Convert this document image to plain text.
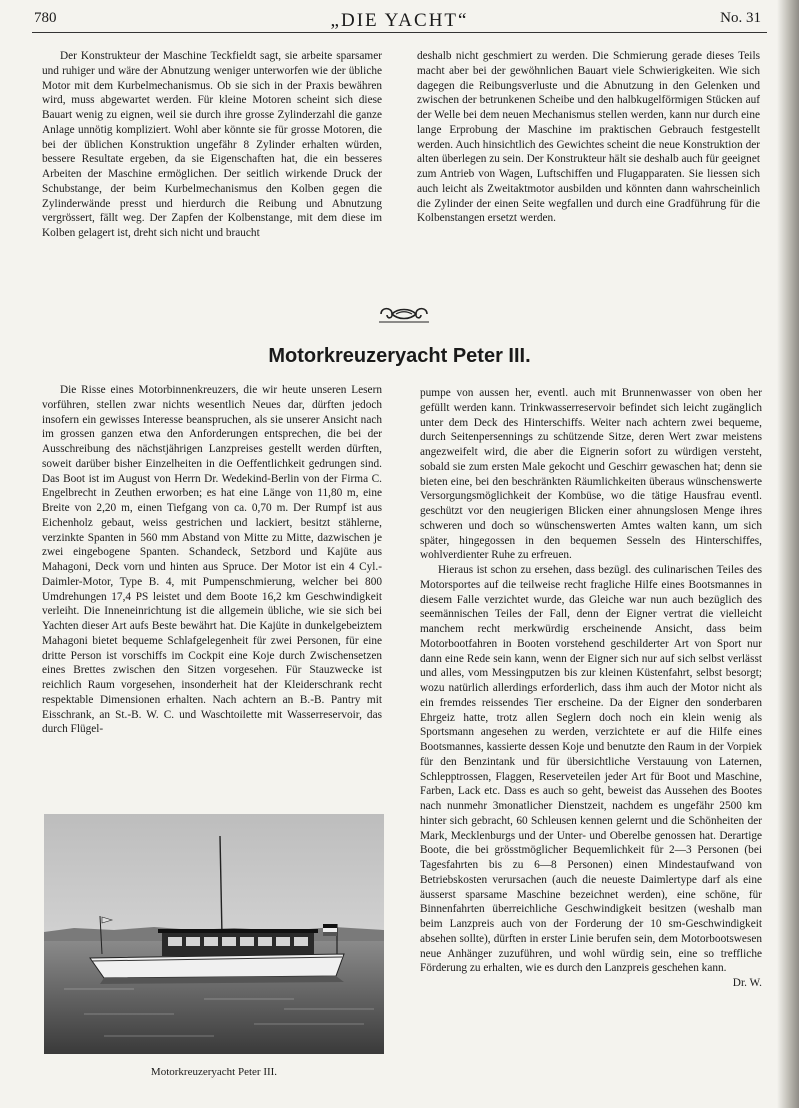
780	„DIE YACHT“	No. 31

Der Konstrukteur der Maschine Teckfieldt sagt, sie arbeite sparsamer und ruhiger und wäre der Abnutzung weniger unterworfen wie der übliche Motor mit dem Kurbelmechanismus. Ob sie sich in der Praxis bewähren wird, muss abgewartet werden. Für kleine Motoren scheint sich diese Bauart wenig zu eignen, weil sie durch ihre grosse Zylinderzahl die ganze Anlage unnötig kompliziert. Wohl aber könnte sie für grosse Motoren, die bei der üblichen Konstruktion ungefähr 8 Zylinder erhalten würden, bessere Resultate ergeben, da sie Eigenschaften hat, die ein besseres Arbeiten der Maschine ermöglichen. Der seitlich wirkende Druck der Schubstange, der beim Kurbelmechanismus den Kolben gegen die Zylinderwände presst und hierdurch die Reibung und Abnutzung vergrössert, fällt weg. Der Zapfen der Kolbenstange, mit dem diese im Kolben gelagert ist, dreht sich nicht und braucht

deshalb nicht geschmiert zu werden. Die Schmierung gerade dieses Teils macht aber bei der gewöhnlichen Bauart viele Schwierigkeiten. Wie sich dagegen die Reibungsverluste und die Abnutzung in den Gelenken und zwischen der betrunkenen Scheibe und den halbkugelförmigen Stücken auf der Welle bei dem neuen Mechanismus stellen werden, kann nur durch eine lange Erprobung der Maschine im praktischen Gebrauch festgestellt werden. Auch hinsichtlich des Gewichtes scheint die neue Konstruktion der alten überlegen zu sein. Der Konstrukteur hält sie deshalb auch für geeignet zum Antrieb von Wagen, Luftschiffen und Flugapparaten. Sie liessen sich auch leicht als Zweitaktmotor ausbilden und könnten dann wahrscheinlich die Zylinder der einen Seite wegfallen und durch eine Gradführung für die Kolbenstangen ersetzt werden.

Motorkreuzeryacht Peter III.

Die Risse eines Motorbinnenkreuzers, die wir heute unseren Lesern vorführen, stellen zwar nichts wesentlich Neues dar, dürften jedoch insofern ein gewisses Interesse beanspruchen, als sie unserer Ansicht nach im grossen ganzen etwa den Anforderungen entsprechen, die bei der Ausschreibung des nächstjährigen Lanzpreises gestellt werden dürften, soweit darüber bisher Einzelheiten in die Oeffentlichkeit gedrungen sind. Das Boot ist im August von Herrn Dr. Wedekind-Berlin von der Firma C. Engelbrecht in Zeuthen erworben; es hat eine Länge von 11,80 m, eine Breite von 2,20 m, einen Tiefgang von ca. 0,70 m. Der Rumpf ist aus Eichenholz gebaut, weiss gestrichen und lackiert, besitzt stählerne, verzinkte Spanten in 560 mm Abstand von Mitte zu Mitte, dazwischen je zwei eingebogene Spanten. Schandeck, Setzbord und Kajüte aus Mahagoni, Deck vorn und hinten aus Spruce. Der Motor ist ein 4 Cyl.-Daimler-Motor, Type B. 4, mit Pumpenschmierung, welcher bei 800 Umdrehungen 17,4 PS leistet und dem Boote 16,2 km Geschwindigkeit verleiht. Die Inneneinrichtung ist die allgemein übliche, wie sie sich bei Yachten dieser Art aufs Beste bewährt hat. Die Kajüte in dunkelgebeiztem Mahagoni bietet bequeme Schlafgelegenheit für zwei Personen, für eine dritte Person ist vorschiffs im Cockpit eine Koje durch Zwischensetzen eines Brettes zwischen den Sitzen vorgesehen. Für Stauzwecke ist reichlich Raum vorgesehen, insonderheit hat der Kleiderschrank recht respektable Dimensionen erhalten. Nach achtern an B.-B. Pantry mit Eisschrank, an St.-B. W. C. und Waschtoilette mit Wasserreservoir, das durch Flügel-

Motorkreuzeryacht Peter III.

pumpe von aussen her, eventl. auch mit Brunnenwasser von oben her gefüllt werden kann. Trinkwasserreservoir befindet sich leicht zugänglich unter dem Deck des Hinterschiffs. Weiter nach achtern zwei bequeme, durch Seitenpersennings zu schützende Sitze, deren Wert zwar meistens angezweifelt wird, die aber die Eignerin sofort zu würdigen versteht, sobald sie zum ersten Male gekocht und Geschirr gewaschen hat; denn sie bieten eine, bei den beschränkten Räumlichkeiten überaus wünschenswerte Versorgungsmöglichkeit der Kombüse, wo die tätige Hausfrau eventl. geschützt vor den neugierigen Blicken einer ahnungslosen Menge ihres schweren und doch so wünschenswerten Amtes walten kann, um sich später, hingegossen in den bequemen Sesseln des Hinterschiffes, wohlverdienter Ruhe zu erfreuen.

Hieraus ist schon zu ersehen, dass bezügl. des culinarischen Teiles des Motorsportes auf die teilweise recht fragliche Hilfe eines Bootsmannes in diesem Falle verzichtet wurde, das Gleiche war nun auch bezüglich des seemännischen Teiles der Fall, denn der Eigner vertrat die vielleicht manchem recht merkwürdig erscheinende Ansicht, dass beim Motorbootfahren in Booten vorstehend geschilderter Art von Sport nur dann eine Rede sein kann, wenn der Eigner sich nur auf sich selbst verlässt und alles, vom Messingputzen bis zur kleinen Küstenfahrt, selbst besorgt; wozu natürlich allerdings erforderlich, dass ihm auch der Motor nicht als ein fremdes reissendes Tier erscheine. Da der Eigner den sonderbaren Ehrgeiz hatte, trotz allen Seglern doch noch ein klein wenig als Sportsmann angesehen zu werden, verzichtete er auf die Hilfe eines Bootsmannes, kassierte dessen Koje und benutzte den Raum in der Vorpiek für den Benzintank und für übersichtliche Verstauung von Laternen, Schlepptrossen, Flaggen, Reserveteilen jeder Art für Boot und Maschine, Farben, Lack etc. Dass es auch so geht, beweist das Aussehen des Bootes nach nunmehr 3monatlicher Dienstzeit, nachdem es ungefähr 2500 km hinter sich gebracht, 60 Schleusen kennen gelernt und die Schönheiten der Mark, Mecklenburgs und der Unter- und Oberelbe genossen hat. Derartige Boote, die bei grösstmöglicher Bequemlichkeit für 2—3 Personen (bei Tagesfahrten bis zu 6—8 Personen) einen Mindestaufwand von Betriebskosten verursachen (auch die neueste Daimlertype darf als eine äusserst sparsame Maschine bezeichnet werden), eine schöne, für Binnenfahrten überreichliche Geschwindigkeit besitzen (weshalb man beim Lanzpreis auch von der Forderung der 10 sm-Geschwindigkeit absehen sollte), dürften in erster Linie berufen sein, dem Motorbootswesen neue Anhänger zuzuführen, und wohl würdig sein, eine so treffliche Förderung zu erhalten, wie es durch den Lanzpreis geschehen kann.

Dr. W.
